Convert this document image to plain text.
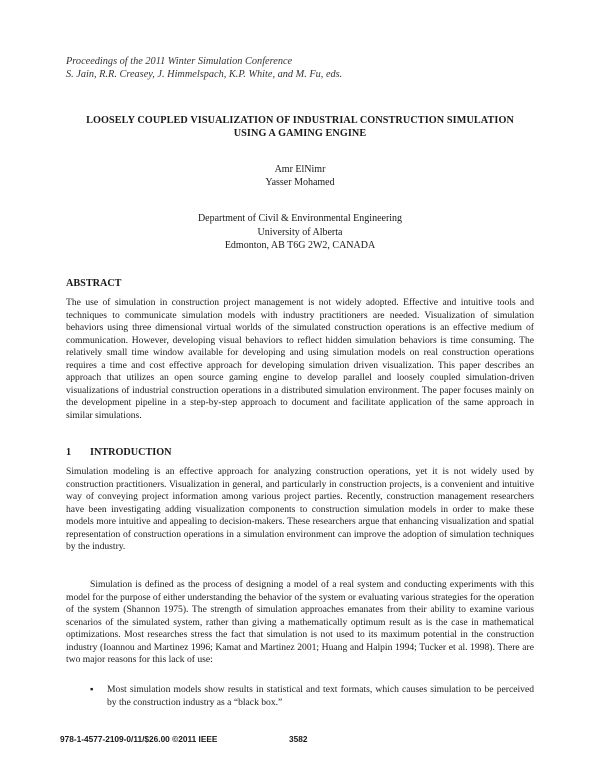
Proceedings of the 2011 Winter Simulation Conference
S. Jain, R.R. Creasey, J. Himmelspach, K.P. White, and M. Fu, eds.
LOOSELY COUPLED VISUALIZATION OF INDUSTRIAL CONSTRUCTION SIMULATION
USING A GAMING ENGINE
Amr ElNimr
Yasser Mohamed
Department of Civil & Environmental Engineering
University of Alberta
Edmonton, AB T6G 2W2, CANADA
ABSTRACT
The use of simulation in construction project management is not widely adopted. Effective and intuitive tools and techniques to communicate simulation models with industry practitioners are needed. Visualization of simulation behaviors using three dimensional virtual worlds of the simulated construction operations is an effective medium of communication. However, developing visual behaviors to reflect hidden simulation behaviors is time consuming. The relatively small time window available for developing and using simulation models on real construction operations requires a time and cost effective approach for developing simulation driven visualization. This paper describes an approach that utilizes an open source gaming engine to develop parallel and loosely coupled simulation-driven visualizations of industrial construction operations in a distributed simulation environment. The paper focuses mainly on the development pipeline in a step-by-step approach to document and facilitate application of the same approach in similar simulations.
1 INTRODUCTION
Simulation modeling is an effective approach for analyzing construction operations, yet it is not widely used by construction practitioners. Visualization in general, and particularly in construction projects, is a convenient and intuitive way of conveying project information among various project parties. Recently, construction management researchers have been investigating adding visualization components to construction simulation models in order to make these models more intuitive and appealing to decision-makers. These researchers argue that enhancing visualization and spatial representation of construction operations in a simulation environment can improve the adoption of simulation techniques by the industry.
Simulation is defined as the process of designing a model of a real system and conducting experiments with this model for the purpose of either understanding the behavior of the system or evaluating various strategies for the operation of the system (Shannon 1975). The strength of simulation approaches emanates from their ability to examine various scenarios of the simulated system, rather than giving a mathematically optimum result as is the case in mathematical optimizations. Most researches stress the fact that simulation is not used to its maximum potential in the construction industry (Ioannou and Martinez 1996; Kamat and Martinez 2001; Huang and Halpin 1994; Tucker et al. 1998). There are two major reasons for this lack of use:
▪ Most simulation models show results in statistical and text formats, which causes simulation to be perceived by the construction industry as a “black box.”
978-1-4577-2109-0/11/$26.00 ©2011 IEEE	3582
